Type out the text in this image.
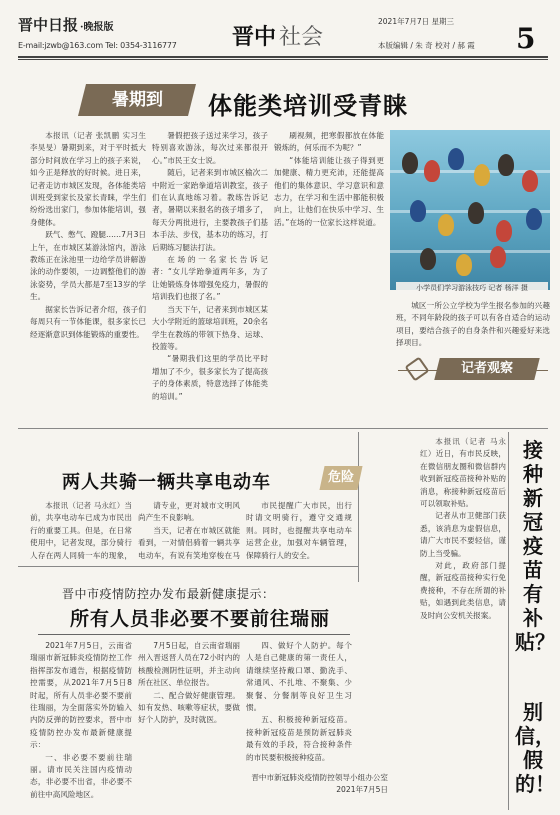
晋中日报 ·晚报版
E-mail:jzwb@163.com Tel: 0354-3116777	晋中 社会
2021年7月7日 星期三
本版编辑 / 朱 奇 校对 / 郝 霞 5
暑期到	体能类培训受青睐

本报讯（记者 张凯鹏 实习生 李昊旻）暑期到来，对于平时抵大部分时间放在学习上的孩子来说，如今正是释放的好时候。进日来，记者走访市城区发现，各体能类培训班受到家长及家长青睐，学生们纷纷选出家门，参加体能培训，强身健体。

跃气、憋气、蹬腿……7月3日上午，在市城区某游泳馆内，游泳教练正在泳池里一边给学员讲解游泳的动作要领，一边调整他们的游泳姿势，学员大都是7至13岁的学生。

据家长告诉记者介绍，孩子们每周只有一节体能课，很多家长已经逐渐意识到体能锻炼的重要性。

暑假把孩子送过来学习，孩子特别喜欢游泳，每次过来都很开心。”市民王女士说。

随后，记者来到市城区榆次二中附近一家跆拳道培训教室，孩子们在认真地练习着。教练告诉记者，暑期以来报名的孩子增多了，每天分两批进行，主要教孩子们基本手法、步伐，基本功的练习，打后期练习腿法打法。

在场的一名家长告诉记者：“女儿学跆拳道两年多，为了让她锻炼身体增强免疫力，暑假的培训我们也报了名。”

当天下午，记者来到市城区某大小学附近的篮球培训班，20余名学生在教练的带领下热身、运球、投篮等。

“暑期我们这里的学员比平时增加了不少，很多家长为了提高孩子的身体素质，特意选择了体能类的培训。”

刷视频，把寒假都放在体能锻炼的，何乐而不为呢？”

“体能培训能让孩子得到更加健康、精力更充沛，还能提高他们的集体意识、学习意识和意志力，在学习和生活中都能积极向上，让他们在快乐中学习、生活。”在场的一位家长这样说道。

小学员们学习游泳技巧 记者 杨洋 摄

城区一所公立学校为学生报名参加的兴趣班，不同年龄段的孩子可以有各自适合的运动项目，要结合孩子的自身条件和兴趣爱好来选择项目。

记者观察
两人共骑一辆共享电动车	危险

本报讯（记者 马永红）当前，共享电动车已成为市民出行的重要工具。但是，在日常使用中，记者发现，部分骑行人存在两人同骑一车的现象，

请专业，更对城市文明风尚产生不良影响。

当天，记者在市城区就能看到，一对情侣骑着一辆共享电动车，有说有笑地穿梭在马

市民提醒广大市民，出行时请文明骑行，遵守交通规则。同时，也提醒共享电动车运营企业，加强对车辆管理，保障骑行人的安全。

晋中市疫情防控办发布最新健康提示：
所有人员非必要不要前往瑞丽

2021年7月5日，云南省瑞丽市新冠肺炎疫情防控工作指挥部发布通告，根据疫情防控需要，从2021年7月5日8时起，所有人员非必要不要前往瑞丽，为全面落实外防输入内防反弹的防控要求，晋中市疫情防控办发布最新健康提示：

一、非必要不要前往瑞丽。请市民关注国内疫情动态，非必要不出省，非必要不前往中高风险地区。

7月5日起，自云南省瑞丽州入晋返晋人员在72小时内的核酸检测阴性证明，并主动向所在社区、单位报告。

二、配合做好健康管理。如有发热、咳嗽等症状，要做好个人防护，及时就医。

四、做好个人防护。每个人是自己健康的第一责任人，请继续坚持戴口罩、勤洗手、常通风、不扎堆、不聚集、少聚餐、分餐制等良好卫生习惯。

五、积极接种新冠疫苗。接种新冠疫苗是预防新冠肺炎最有效的手段，符合接种条件的市民要积极接种疫苗。

晋中市新冠肺炎疫情防控领导小组办公室 2021年7月5日

本报讯（记者 马永红）近日，有市民反映，在微信朋友圈和微信群内收到新冠疫苗接种补贴的消息，称接种新冠疫苗后可以领取补贴。

记者从市卫健部门获悉，该消息为虚假信息，请广大市民不要轻信，谨防上当受骗。

对此，政府部门提醒，新冠疫苗接种实行免费接种，不存在所谓的补贴，如遇到此类信息，请及时向公安机关报案。

接种新冠疫苗有补贴？
别信，假的！
